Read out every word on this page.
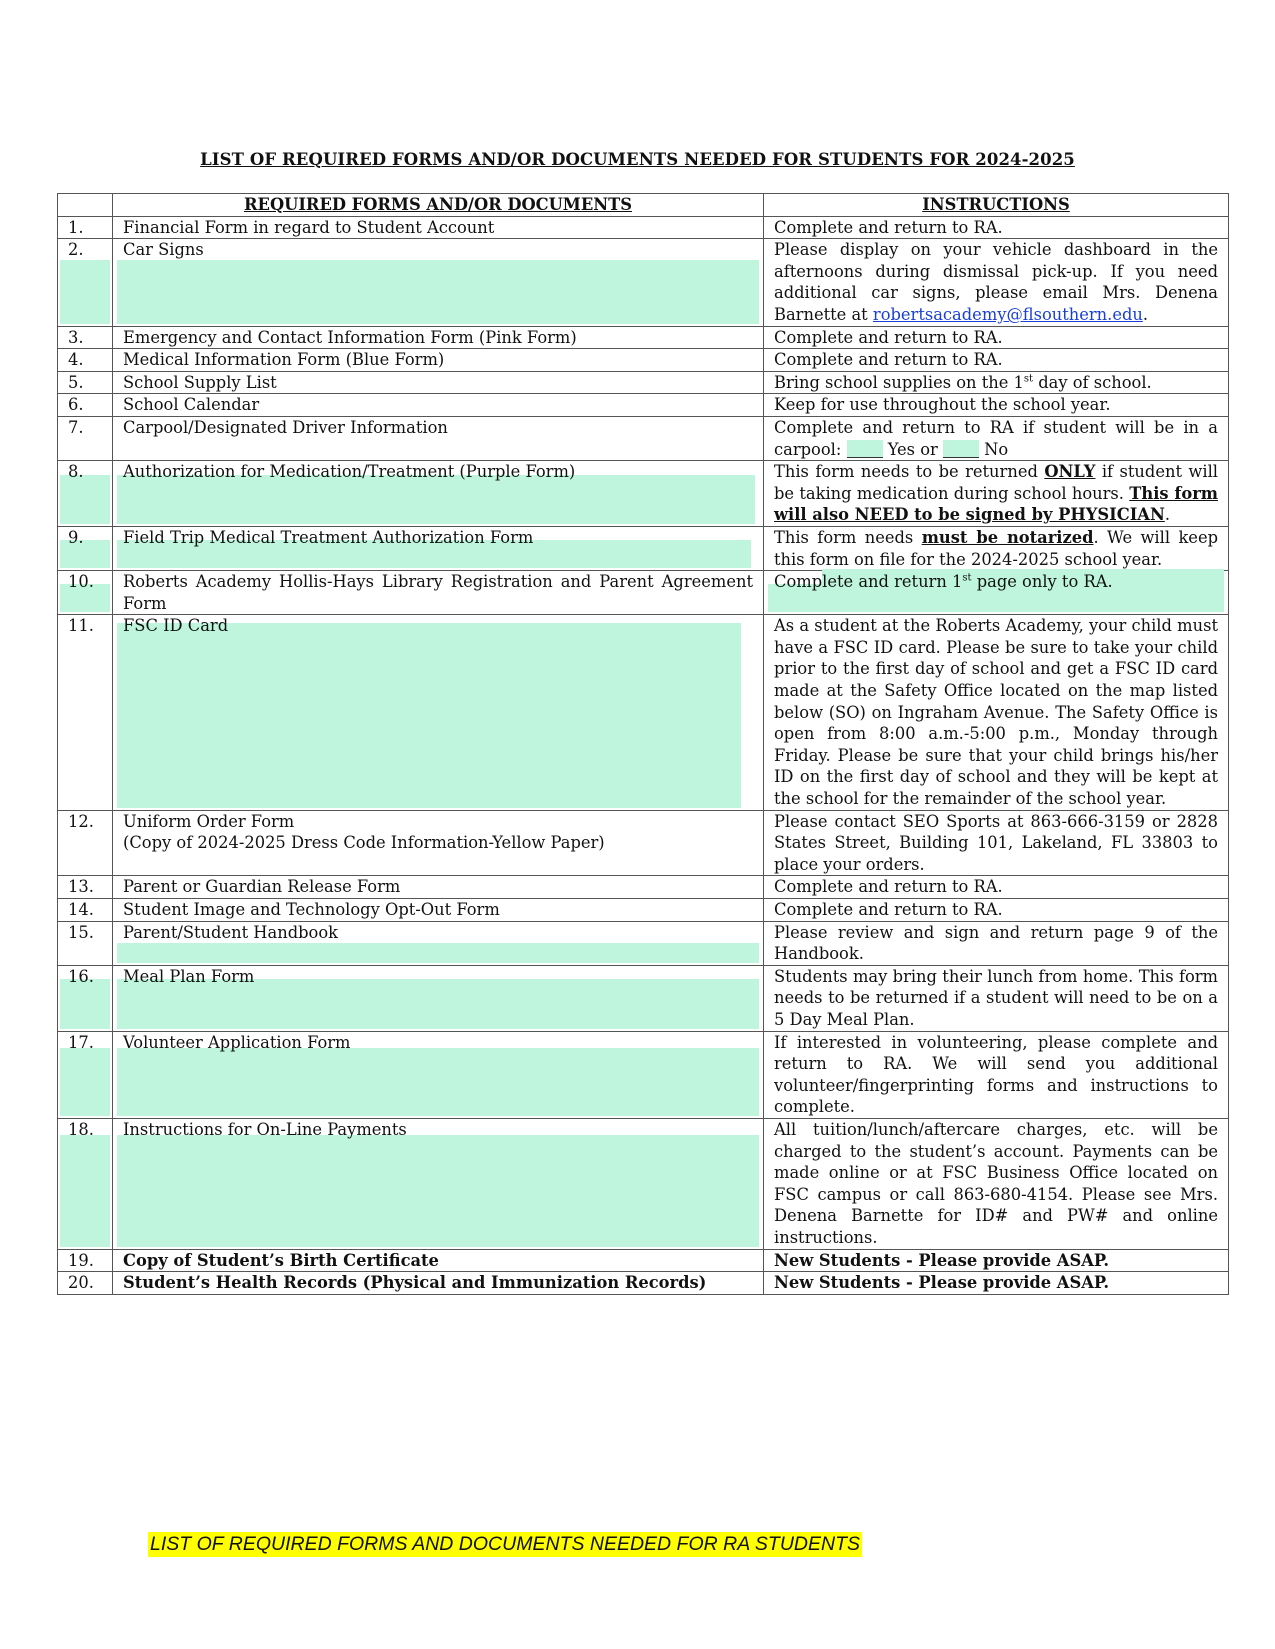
LIST OF REQUIRED FORMS AND/OR DOCUMENTS NEEDED FOR STUDENTS FOR 2024-2025
	REQUIRED FORMS AND/OR DOCUMENTS	INSTRUCTIONS
1.	Financial Form in regard to Student Account	Complete and return to RA.

2.	Car Signs	Please display on your vehicle dashboard in the afternoons during dismissal pick-up. If you need additional car signs, please email Mrs. Denena Barnette at robertsacademy@flsouthern.edu.
3.	Emergency and Contact Information Form (Pink Form)	Complete and return to RA.
4.	Medical Information Form (Blue Form)	Complete and return to RA.
5.	School Supply List	Bring school supplies on the 1st day of school.
6.	School Calendar	Keep for use throughout the school year.
7.	Carpool/Designated Driver Information	Complete and return to RA if student will be in a carpool:  Yes or  No

8.	Authorization for Medication/Treatment (Purple Form)	This form needs to be returned ONLY if student will be taking medication during school hours. This form will also NEED to be signed by PHYSICIAN.

9.	Field Trip Medical Treatment Authorization Form	This form needs must be notarized. We will keep this form on file for the 2024-2025 school year.

10.	Roberts Academy Hollis-Hays Library Registration and Parent Agreement Form	Complete and return 1st page only to RA.
11.	FSC ID Card	As a student at the Roberts Academy, your child must have a FSC ID card. Please be sure to take your child prior to the first day of school and get a FSC ID card made at the Safety Office located on the map listed below (SO) on Ingraham Avenue. The Safety Office is open from 8:00 a.m.-5:00 p.m., Monday through Friday. Please be sure that your child brings his/her ID on the first day of school and they will be kept at the school for the remainder of the school year.
12.	Uniform Order Form
(Copy of 2024-2025 Dress Code Information-Yellow Paper)	Please contact SEO Sports at 863-666-3159 or 2828 States Street, Building 101, Lakeland, FL 33803 to place your orders.
13.	Parent or Guardian Release Form	Complete and return to RA.
14.	Student Image and Technology Opt-Out Form	Complete and return to RA.
15.	Parent/Student Handbook	Please review and sign and return page 9 of the Handbook.

16.	Meal Plan Form	Students may bring their lunch from home. This form needs to be returned if a student will need to be on a 5 Day Meal Plan.

17.	Volunteer Application Form	If interested in volunteering, please complete and return to RA. We will send you additional volunteer/fingerprinting forms and instructions to complete.

18.	Instructions for On-Line Payments	All tuition/lunch/aftercare charges, etc. will be charged to the student’s account. Payments can be made online or at FSC Business Office located on FSC campus or call 863-680-4154. Please see Mrs. Denena Barnette for ID# and PW# and online instructions.
19.	Copy of Student’s Birth Certificate	New Students - Please provide ASAP.
20.	Student’s Health Records (Physical and Immunization Records)	New Students - Please provide ASAP.
LIST OF REQUIRED FORMS AND DOCUMENTS NEEDED FOR RA STUDENTS
